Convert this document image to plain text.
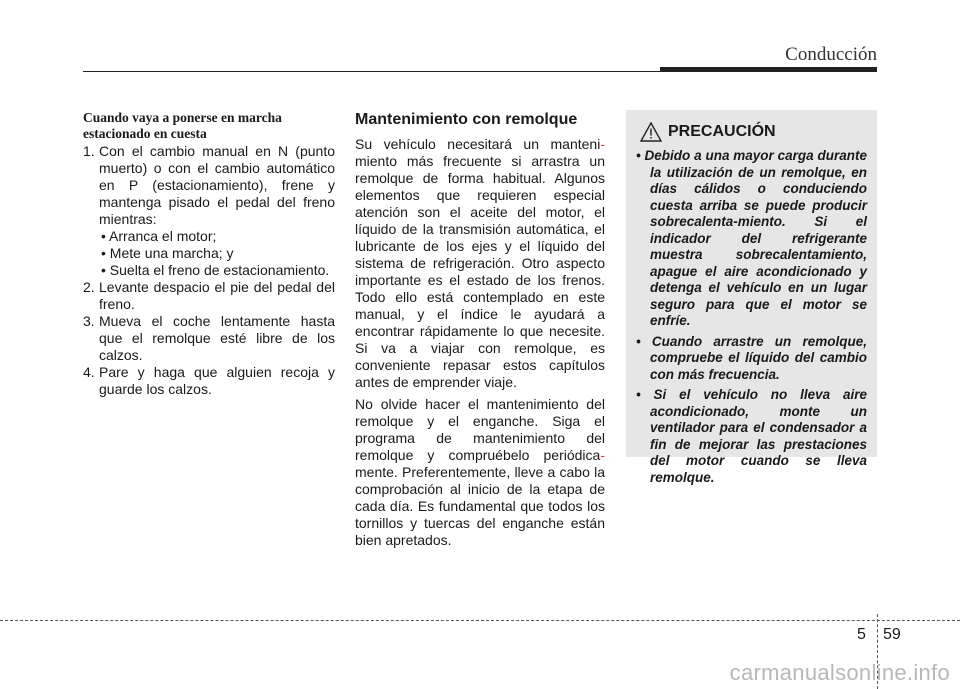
Conducción
Cuando vaya a ponerse en marcha estacionado en cuesta
1. Con el cambio manual en N (punto muerto) o con el cambio automático en P (estacionamiento), frene y mantenga pisado el pedal del freno mientras:
• Arranca el motor;
• Mete una marcha; y
• Suelta el freno de estacionamiento.
2. Levante despacio el pie del pedal del freno.
3. Mueva el coche lentamente hasta que el remolque esté libre de los calzos.
4. Pare y haga que alguien recoja y guarde los calzos.
Mantenimiento con remolque

Su vehículo necesitará un manteni-miento más frecuente si arrastra un remolque de forma habitual. Algunos elementos que requieren especial atención son el aceite del motor, el líquido de la transmisión automática, el lubricante de los ejes y el líquido del sistema de refrigeración. Otro aspecto importante es el estado de los frenos. Todo ello está contemplado en este manual, y el índice le ayudará a encontrar rápidamente lo que necesite. Si va a viajar con remolque, es conveniente repasar estos capítulos antes de emprender viaje.

No olvide hacer el mantenimiento del remolque y el enganche. Siga el programa de mantenimiento del remolque y compruébelo periódica-mente. Preferentemente, lleve a cabo la comprobación al inicio de la etapa de cada día. Es fundamental que todos los tornillos y tuercas del enganche están bien apretados.

PRECAUCIÓN
• Debido a una mayor carga durante la utilización de un remolque, en días cálidos o conduciendo cuesta arriba se puede producir sobrecalenta-miento. Si el indicador del refrigerante muestra sobrecalentamiento, apague el aire acondicionado y detenga el vehículo en un lugar seguro para que el motor se enfríe.
• Cuando arrastre un remolque, compruebe el líquido del cambio con más frecuencia.
• Si el vehículo no lleva aire acondicionado, monte un ventilador para el condensador a fin de mejorar las prestaciones del motor cuando se lleva remolque.
5 59
carmanualsonline.info
